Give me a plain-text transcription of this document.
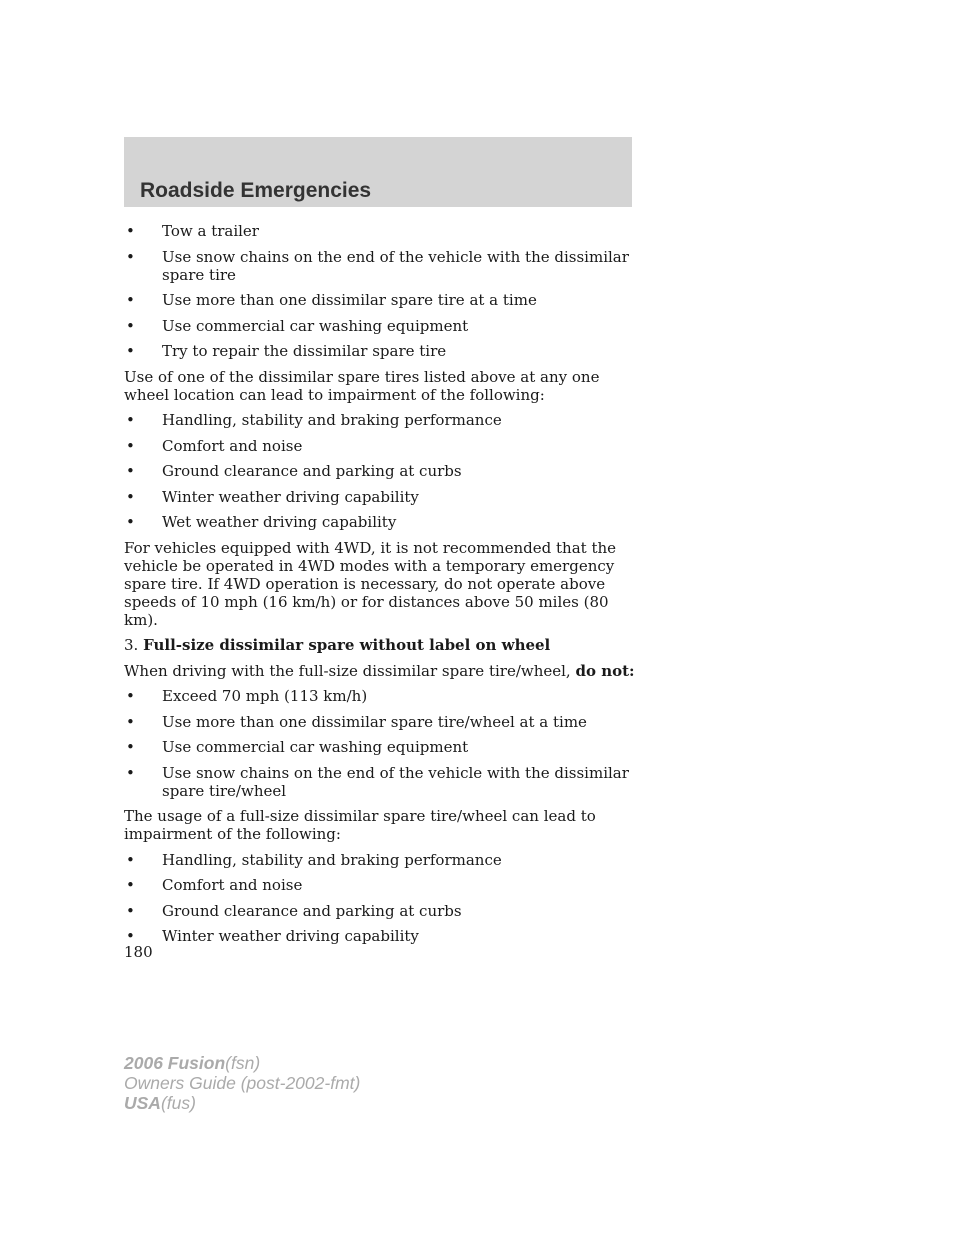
Roadside Emergencies
• Tow a trailer
• Use snow chains on the end of the vehicle with the dissimilar spare tire
• Use more than one dissimilar spare tire at a time
• Use commercial car washing equipment
• Try to repair the dissimilar spare tire

Use of one of the dissimilar spare tires listed above at any one wheel location can lead to impairment of the following:

• Handling, stability and braking performance
• Comfort and noise
• Ground clearance and parking at curbs
• Winter weather driving capability
• Wet weather driving capability

For vehicles equipped with 4WD, it is not recommended that the vehicle be operated in 4WD modes with a temporary emergency spare tire. If 4WD operation is necessary, do not operate above speeds of 10 mph (16 km/h) or for distances above 50 miles (80 km).

3. Full-size dissimilar spare without label on wheel

When driving with the full-size dissimilar spare tire/wheel, do not:

• Exceed 70 mph (113 km/h)
• Use more than one dissimilar spare tire/wheel at a time
• Use commercial car washing equipment
• Use snow chains on the end of the vehicle with the dissimilar spare tire/wheel

The usage of a full-size dissimilar spare tire/wheel can lead to impairment of the following:

• Handling, stability and braking performance
• Comfort and noise
• Ground clearance and parking at curbs
• Winter weather driving capability
180
2006 Fusion(fsn)
Owners Guide (post-2002-fmt)
USA(fus)
